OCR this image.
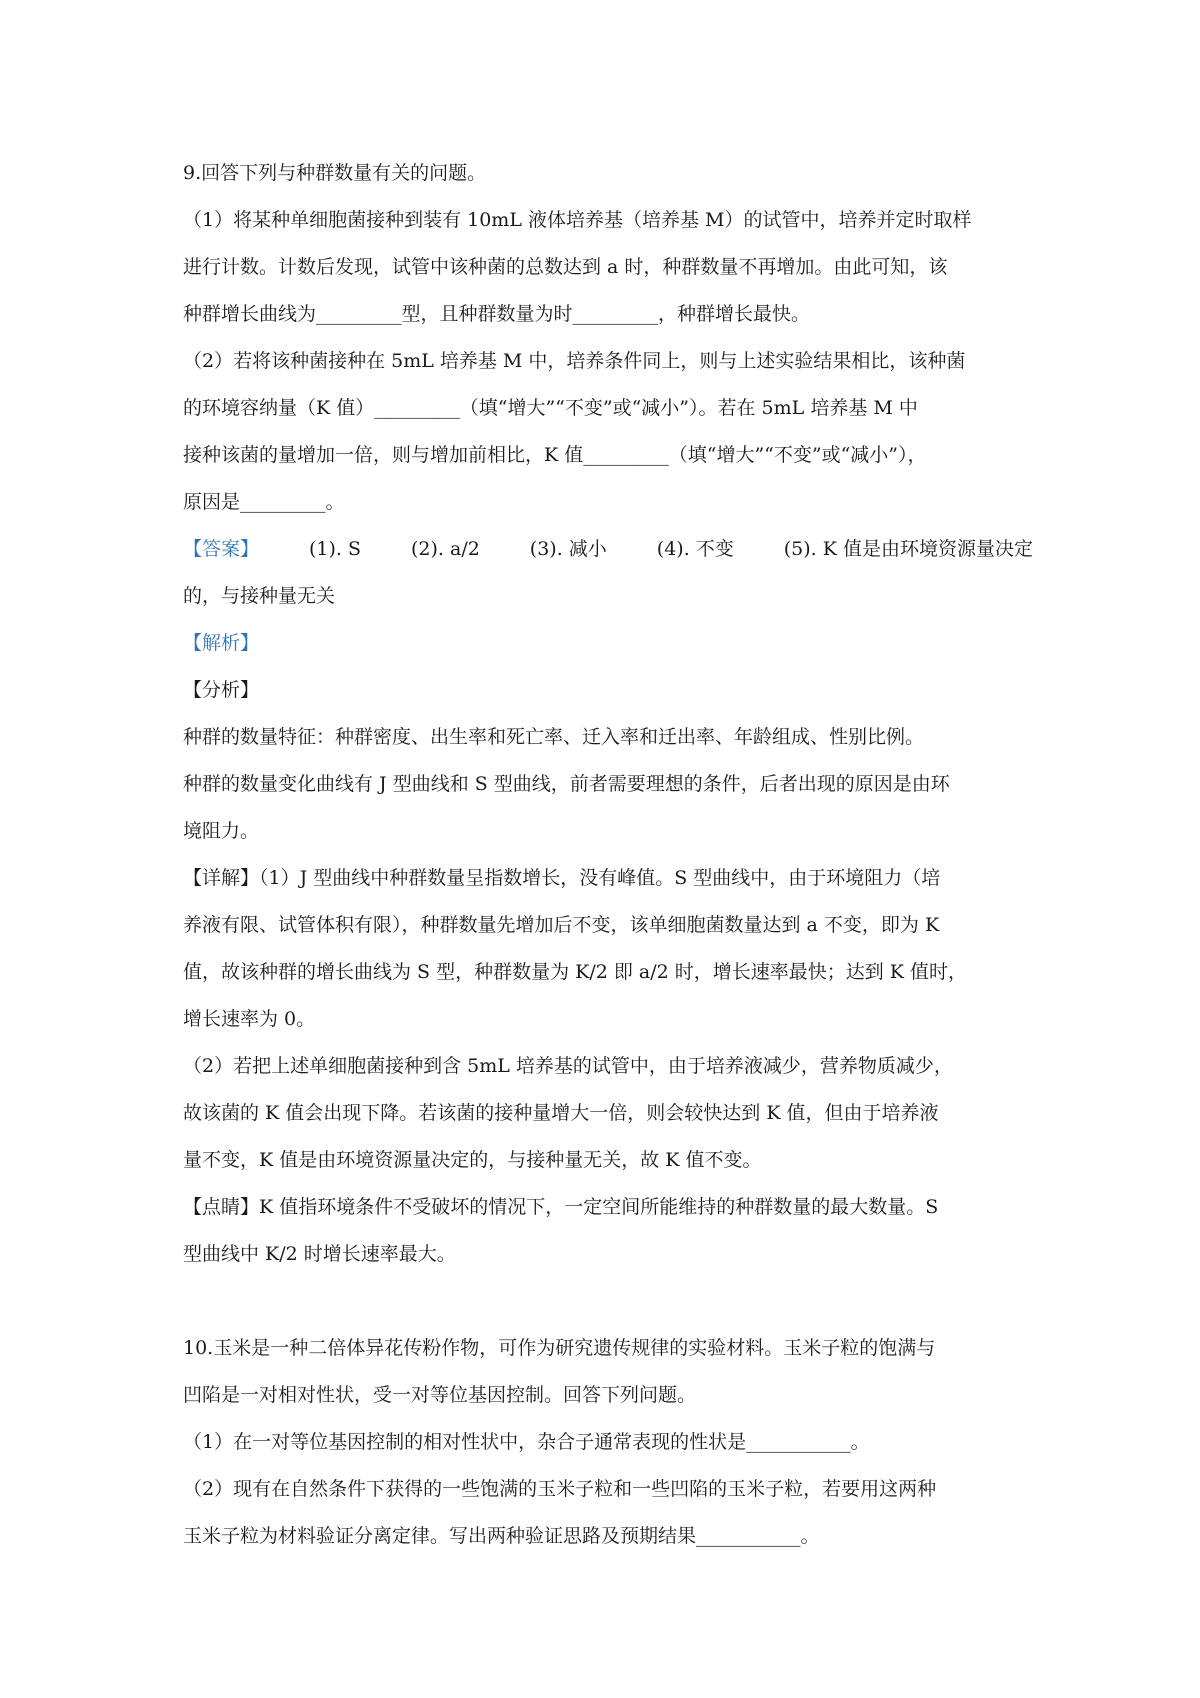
9.回答下列与种群数量有关的问题。
（1）将某种单细胞菌接种到装有 10mL 液体培养基（培养基 M）的试管中，培养并定时取样
进行计数。计数后发现，试管中该种菌的总数达到 a 时，种群数量不再增加。由此可知，该
种群增长曲线为_________型，且种群数量为时_________，种群增长最快。
（2）若将该种菌接种在 5mL 培养基 M 中，培养条件同上，则与上述实验结果相比，该种菌
的环境容纳量（K 值）_________（填“增大”“不变”或“减小”）。若在 5mL 培养基 M 中
接种该菌的量增加一倍，则与增加前相比，K 值_________（填“增大”“不变”或“减小”），
原因是_________。
【答案】	(1). S	(2). a/2	(3). 减小	(4). 不变	(5). K 值是由环境资源量决定
的，与接种量无关
【解析】
【分析】
种群的数量特征：种群密度、出生率和死亡率、迁入率和迁出率、年龄组成、性别比例。
种群的数量变化曲线有 J 型曲线和 S 型曲线，前者需要理想的条件，后者出现的原因是由环
境阻力。
【详解】（1）J 型曲线中种群数量呈指数增长，没有峰值。S 型曲线中，由于环境阻力（培
养液有限、试管体积有限），种群数量先增加后不变，该单细胞菌数量达到 a 不变，即为 K
值，故该种群的增长曲线为 S 型，种群数量为 K/2 即 a/2 时，增长速率最快；达到 K 值时，
增长速率为 0。
（2）若把上述单细胞菌接种到含 5mL 培养基的试管中，由于培养液减少，营养物质减少，
故该菌的 K 值会出现下降。若该菌的接种量增大一倍，则会较快达到 K 值，但由于培养液
量不变，K 值是由环境资源量决定的，与接种量无关，故 K 值不变。
【点睛】K 值指环境条件不受破坏的情况下，一定空间所能维持的种群数量的最大数量。S
型曲线中 K/2 时增长速率最大。
10.玉米是一种二倍体异花传粉作物，可作为研究遗传规律的实验材料。玉米子粒的饱满与
凹陷是一对相对性状，受一对等位基因控制。回答下列问题。
（1）在一对等位基因控制的相对性状中，杂合子通常表现的性状是___________。
（2）现有在自然条件下获得的一些饱满的玉米子粒和一些凹陷的玉米子粒，若要用这两种
玉米子粒为材料验证分离定律。写出两种验证思路及预期结果___________。
